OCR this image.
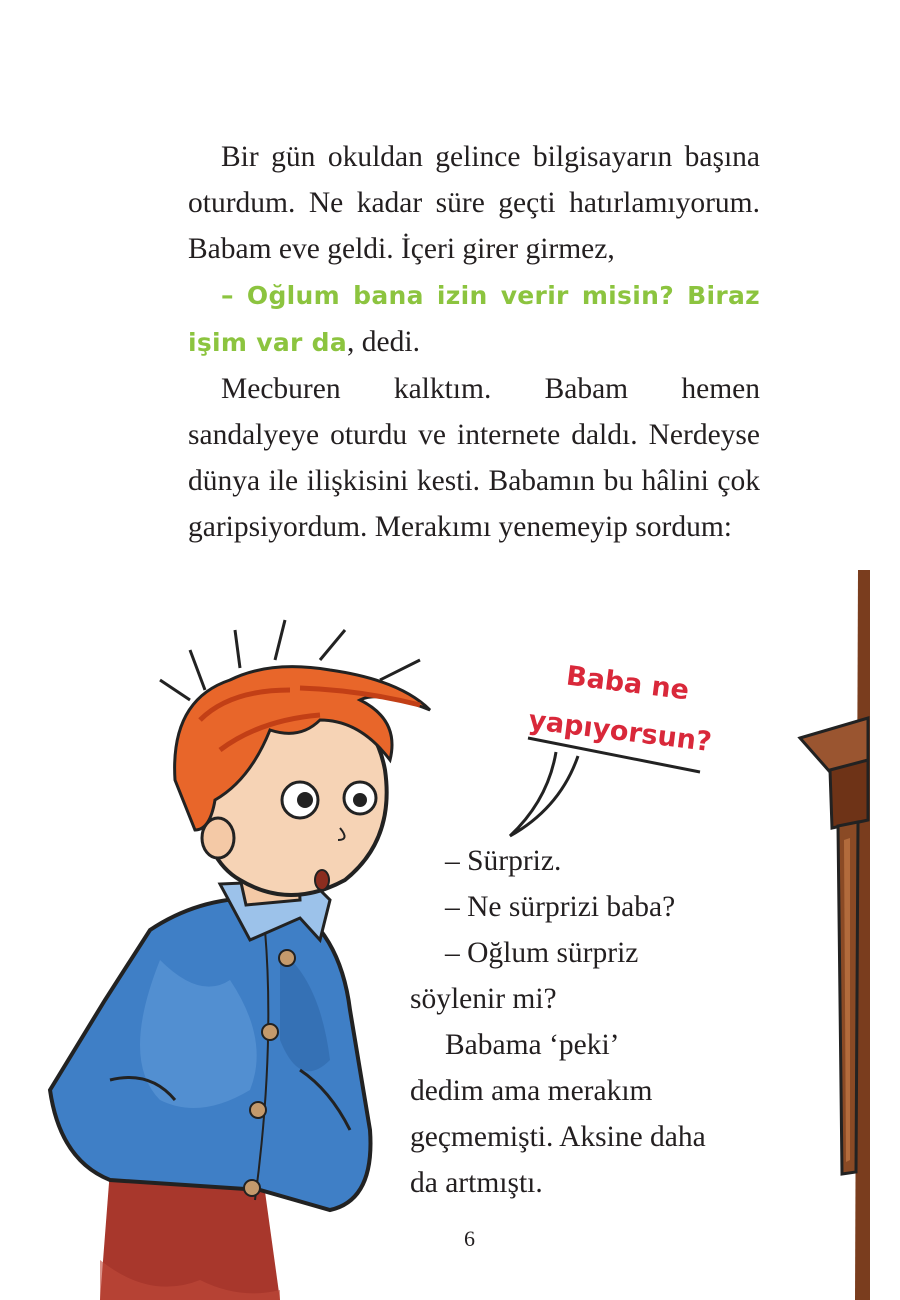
Bir gün okuldan gelince bilgisayarın başına oturdum. Ne kadar süre geçti hatırlamıyorum. Babam eve geldi. İçeri girer girmez,

– Oğlum bana izin verir misin? Biraz işim var da, dedi.

Mecburen kalktım. Babam hemen sandalyeye oturdu ve internete daldı. Nerdeyse dünya ile ilişkisini kesti. Babamın bu hâlini çok garipsiyordum. Merakımı yenemeyip sordum:

Baba ne
yapıyorsun?

– Sürpriz.

– Ne sürprizi baba?

– Oğlum sürpriz

söylenir mi?

Babama ‘peki’

dedim ama merakım

geçmemişti. Aksine daha

da artmıştı.

6
